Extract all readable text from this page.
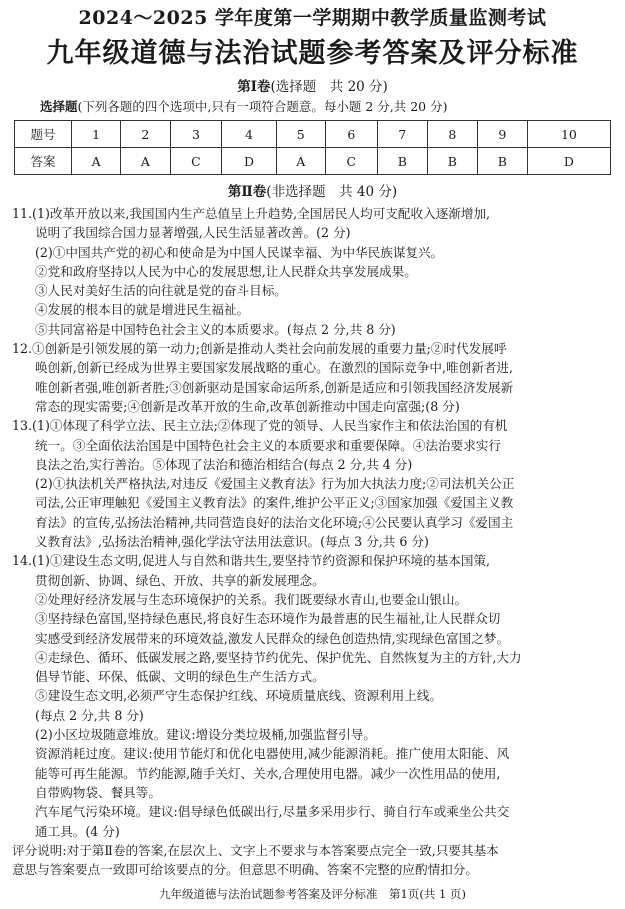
2024～2025 学年度第一学期期中教学质量监测考试
九年级道德与法治试题参考答案及评分标准
第Ⅰ卷(选择题　共 20 分)
选择题(下列各题的四个选项中,只有一项符合题意。每小题 2 分,共 20 分)
题号	1	2	3	4	5	6	7	8	9	10
答案	A	A	C	D	A	C	B	B	B	D
第Ⅱ卷(非选择题　共 40 分)

11.(1)改革开放以来,我国国内生产总值呈上升趋势,全国居民人均可支配收入逐渐增加,

说明了我国综合国力显著增强,人民生活显著改善。(2 分)

(2)①中国共产党的初心和使命是为中国人民谋幸福、为中华民族谋复兴。

②党和政府坚持以人民为中心的发展思想,让人民群众共享发展成果。

③人民对美好生活的向往就是党的奋斗目标。

④发展的根本目的就是增进民生福祉。

⑤共同富裕是中国特色社会主义的本质要求。(每点 2 分,共 8 分)

12.①创新是引领发展的第一动力;创新是推动人类社会向前发展的重要力量;②时代发展呼

唤创新,创新已经成为世界主要国家发展战略的重心。在激烈的国际竞争中,唯创新者进,

唯创新者强,唯创新者胜;③创新驱动是国家命运所系,创新是适应和引领我国经济发展新

常态的现实需要;④创新是改革开放的生命,改革创新推动中国走向富强;(8 分)

13.(1)①体现了科学立法、民主立法;②体现了党的领导、人民当家作主和依法治国的有机

统一。③全面依法治国是中国特色社会主义的本质要求和重要保障。④法治要求实行

良法之治,实行善治。⑤体现了法治和德治相结合(每点 2 分,共 4 分)

(2)①执法机关严格执法,对违反《爱国主义教育法》行为加大执法力度;②司法机关公正

司法,公正审理触犯《爱国主义教育法》的案件,维护公平正义;③国家加强《爱国主义教

育法》的宣传,弘扬法治精神,共同营造良好的法治文化环境;④公民要认真学习《爱国主

义教育法》,弘扬法治精神,强化学法守法用法意识。(每点 3 分,共 6 分)

14.(1)①建设生态文明,促进人与自然和谐共生,要坚持节约资源和保护环境的基本国策,

贯彻创新、协调、绿色、开放、共享的新发展理念。

②处理好经济发展与生态环境保护的关系。我们既要绿水青山,也要金山银山。

③坚持绿色富国,坚持绿色惠民,将良好生态环境作为最普惠的民生福祉,让人民群众切

实感受到经济发展带来的环境效益,激发人民群众的绿色创造热情,实现绿色富国之梦。

④走绿色、循环、低碳发展之路,要坚持节约优先、保护优先、自然恢复为主的方针,大力

倡导节能、环保、低碳、文明的绿色生产生活方式。

⑤建设生态文明,必须严守生态保护红线、环境质量底线、资源利用上线。

(每点 2 分,共 8 分)

(2)小区垃圾随意堆放。建议:增设分类垃圾桶,加强监督引导。

资源消耗过度。建议:使用节能灯和优化电器使用,减少能源消耗。推广使用太阳能、风

能等可再生能源。节约能源,随手关灯、关水,合理使用电器。减少一次性用品的使用,

自带购物袋、餐具等。

汽车尾气污染环境。建议:倡导绿色低碳出行,尽量多采用步行、骑自行车或乘坐公共交

通工具。(4 分)

评分说明:对于第Ⅱ卷的答案,在层次上、文字上不要求与本答案要点完全一致,只要其基本

意思与答案要点一致即可给该要点的分。但意思不明确、答案不完整的应酌情扣分。

九年级道德与法治试题参考答案及评分标准　第1页(共 1 页)
